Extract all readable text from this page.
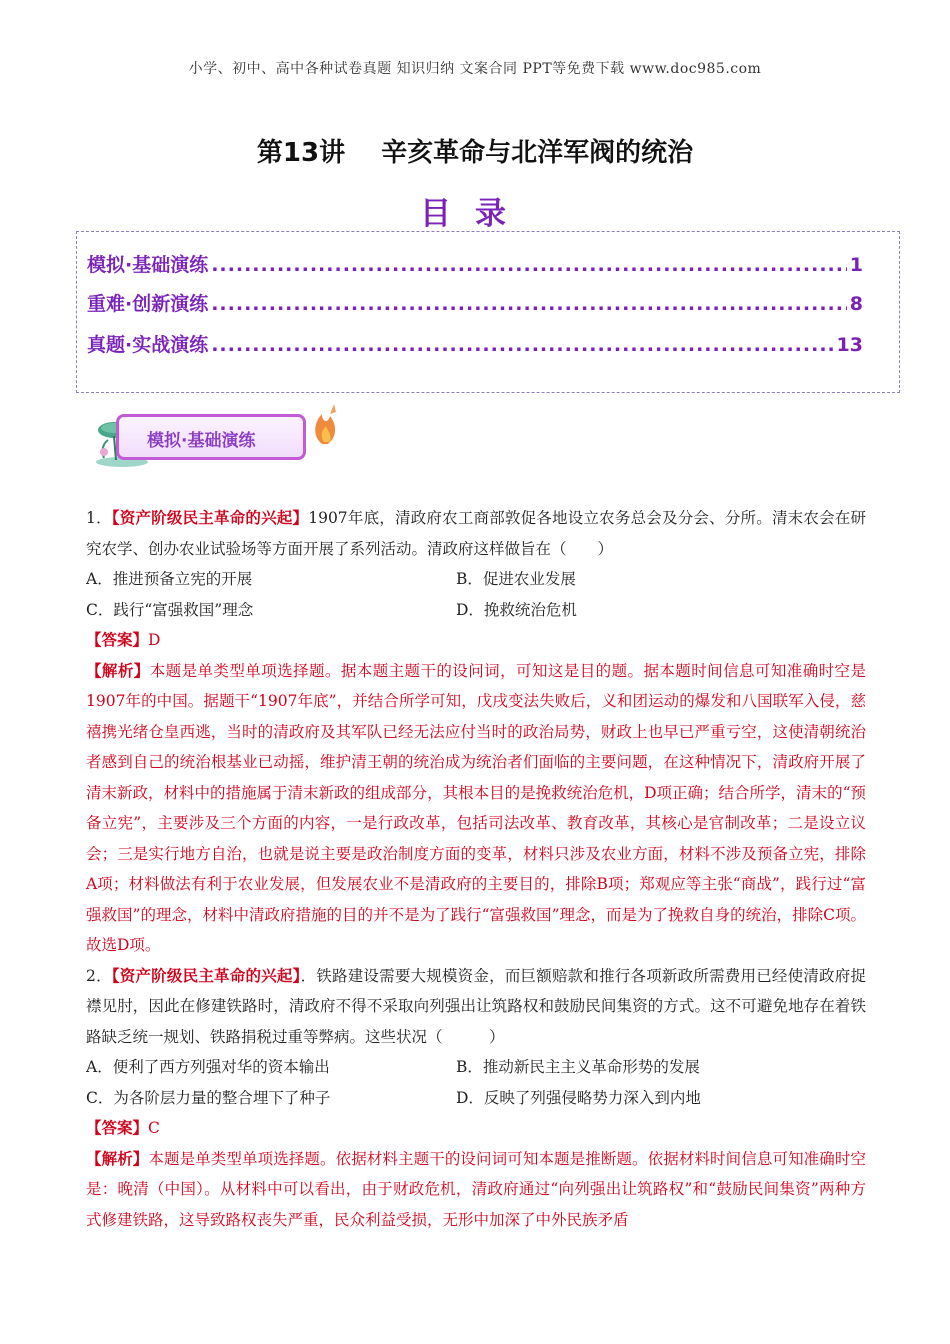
小学、初中、高中各种试卷真题 知识归纳 文案合同 PPT等免费下载 www.doc985.com
第13讲 辛亥革命与北洋军阀的统治
目录
模拟·基础演练 .....	1
重难·创新演练 .....	8
真题·实战演练 .....	13
模拟·基础演练

1．【资产阶级民主革命的兴起】1907年底，清政府农工商部敦促各地设立农务总会及分会、分所。清末农会在研究农学、创办农业试验场等方面开展了系列活动。清政府这样做旨在（　　）

A．推进预备立宪的开展	B．促进农业发展
C．践行“富强救国”理念	D．挽救统治危机
【答案】D

【解析】本题是单类型单项选择题。据本题主题干的设问词，可知这是目的题。据本题时间信息可知准确时空是1907年的中国。据题干“1907年底”，并结合所学可知，戊戌变法失败后，义和团运动的爆发和八国联军入侵，慈禧携光绪仓皇西逃，当时的清政府及其军队已经无法应付当时的政治局势，财政上也早已严重亏空，这使清朝统治者感到自己的统治根基业已动摇，维护清王朝的统治成为统治者们面临的主要问题，在这种情况下，清政府开展了清末新政，材料中的措施属于清末新政的组成部分，其根本目的是挽救统治危机，D项正确；结合所学，清末的“预备立宪”，主要涉及三个方面的内容，一是行政改革，包括司法改革、教育改革，其核心是官制改革；二是设立议会；三是实行地方自治，也就是说主要是政治制度方面的变革，材料只涉及农业方面，材料不涉及预备立宪，排除A项；材料做法有利于农业发展，但发展农业不是清政府的主要目的，排除B项；郑观应等主张“商战”，践行过“富强救国”的理念，材料中清政府措施的目的并不是为了践行“富强救国”理念，而是为了挽救自身的统治，排除C项。故选D项。

2．【资产阶级民主革命的兴起】．铁路建设需要大规模资金，而巨额赔款和推行各项新政所需费用已经使清政府捉襟见肘，因此在修建铁路时，清政府不得不采取向列强出让筑路权和鼓励民间集资的方式。这不可避免地存在着铁路缺乏统一规划、铁路捐税过重等弊病。这些状况（　　　）

A．便利了西方列强对华的资本输出	B．推动新民主主义革命形势的发展
C．为各阶层力量的整合埋下了种子	D．反映了列强侵略势力深入到内地
【答案】C

【解析】本题是单类型单项选择题。依据材料主题干的设问词可知本题是推断题。依据材料时间信息可知准确时空是：晚清（中国）。从材料中可以看出，由于财政危机，清政府通过“向列强出让筑路权”和“鼓励民间集资”两种方式修建铁路，这导致路权丧失严重，民众利益受损，无形中加深了中外民族矛盾
